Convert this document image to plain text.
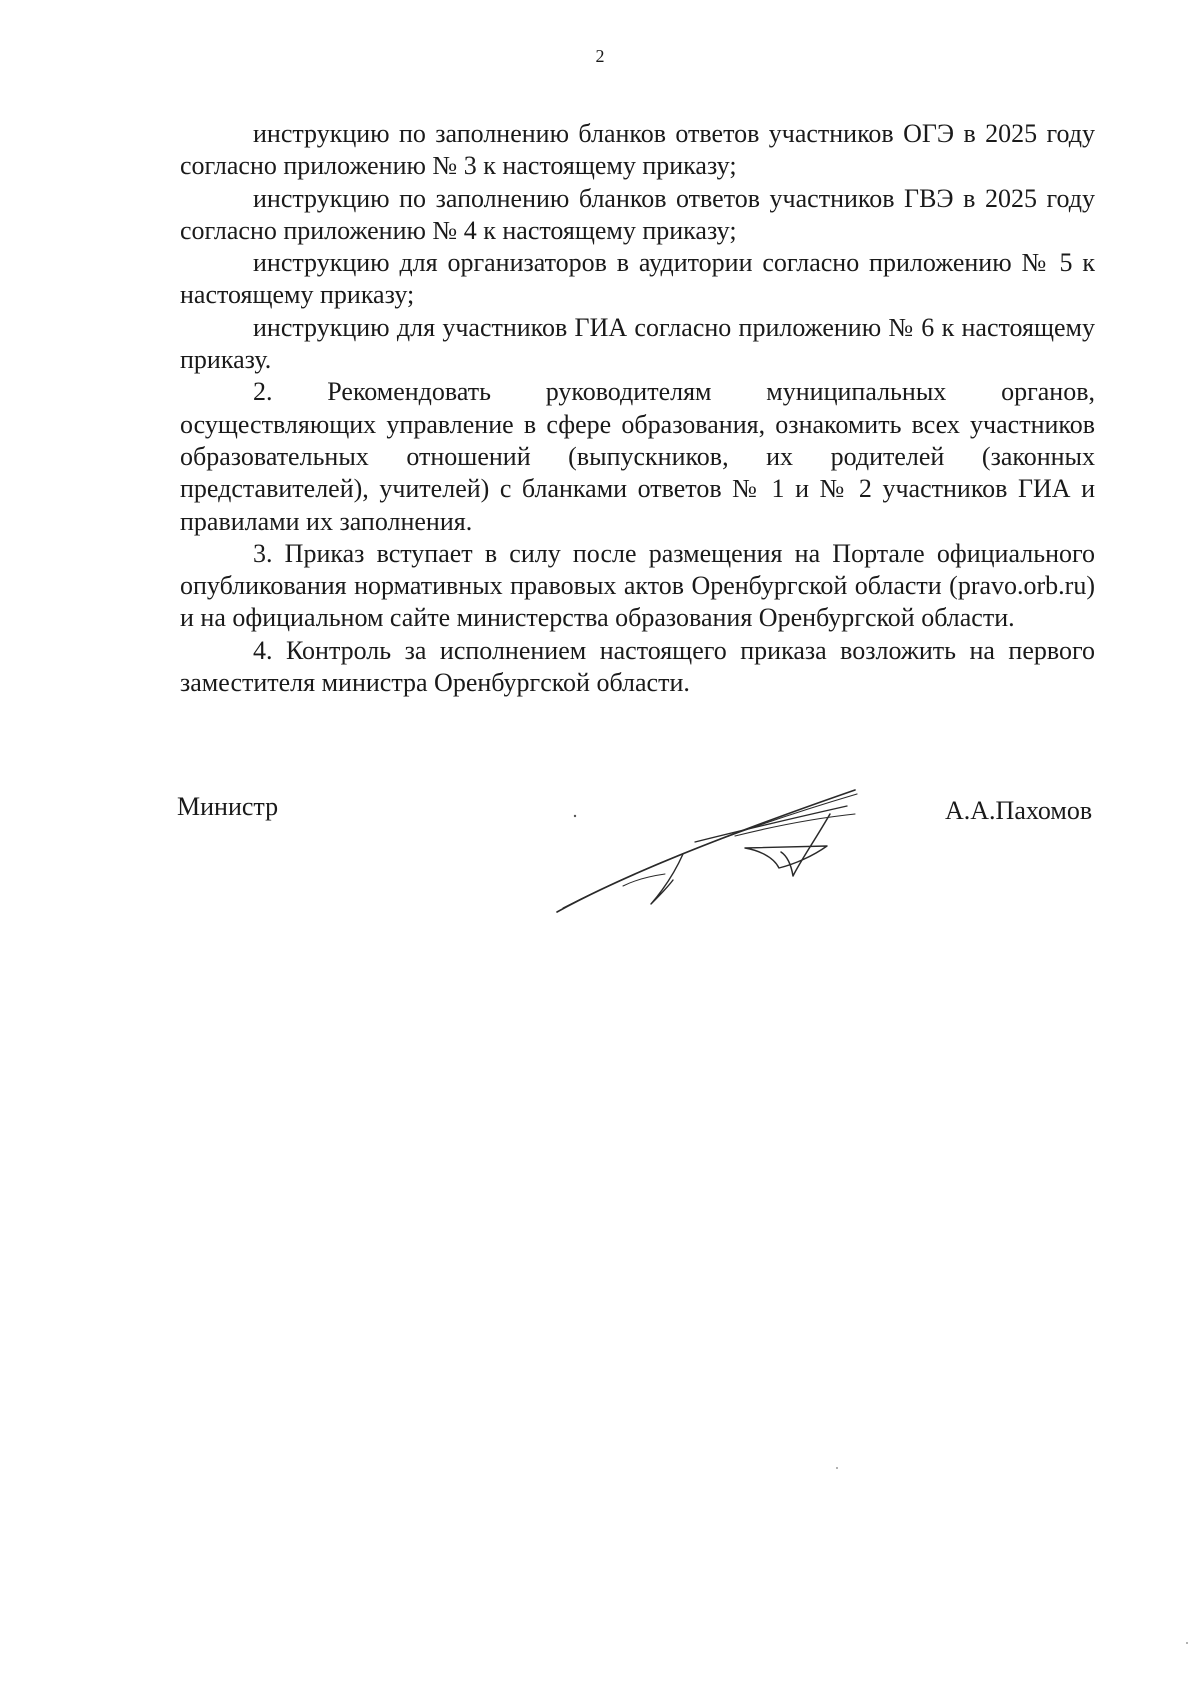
2

инструкцию по заполнению бланков ответов участников ОГЭ в 2025 году согласно приложению № 3 к настоящему приказу;

инструкцию по заполнению бланков ответов участников ГВЭ в 2025 году согласно приложению № 4 к настоящему приказу;

инструкцию для организаторов в аудитории согласно приложению № 5 к настоящему приказу;

инструкцию для участников ГИА согласно приложению № 6 к настоящему приказу.

2. Рекомендовать руководителям муниципальных органов, осуществляющих управление в сфере образования, ознакомить всех участников образовательных отношений (выпускников, их родителей (законных представителей), учителей) с бланками ответов № 1 и № 2 участников ГИА и правилами их заполнения.

3. Приказ вступает в силу после размещения на Портале официального опубликования нормативных правовых актов Оренбургской области (pravo.orb.ru) и на официальном сайте министерства образования Оренбургской области.

4. Контроль за исполнением настоящего приказа возложить на первого заместителя министра Оренбургской области.

Министр	А.А.Пахомов
